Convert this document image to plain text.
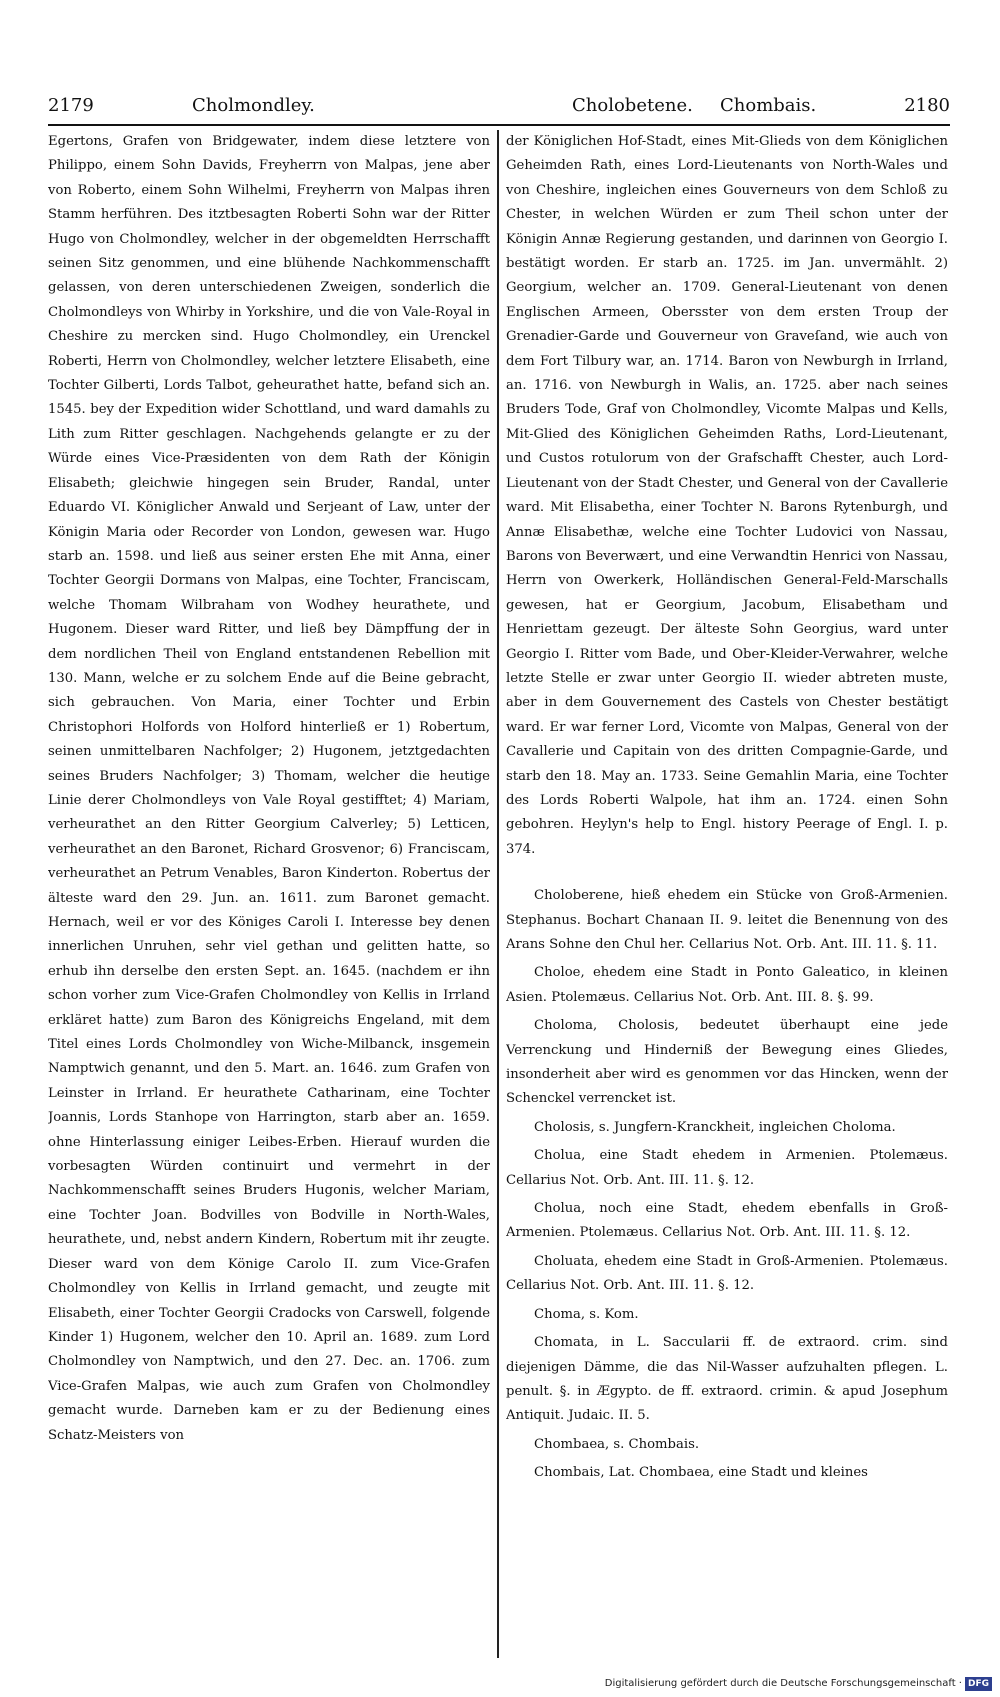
2179	Cholmondley.	Cholobetene. Chombais.	2180

Egertons, Grafen von Bridgewater, indem diese letztere von Philippo, einem Sohn Davids, Freyherrn von Malpas, jene aber von Roberto, einem Sohn Wilhelmi, Freyherrn von Malpas ihren Stamm herführen. Des itztbesagten Roberti Sohn war der Ritter Hugo von Cholmondley, welcher in der obgemeldten Herrschafft seinen Sitz genommen, und eine blühende Nachkommenschafft gelassen, von deren unterschiedenen Zweigen, sonderlich die Cholmondleys von Whirby in Yorkshire, und die von Vale-Royal in Cheshire zu mercken sind. Hugo Cholmondley, ein Urenckel Roberti, Herrn von Cholmondley, welcher letztere Elisabeth, eine Tochter Gilberti, Lords Talbot, geheurathet hatte, befand sich an. 1545. bey der Expedition wider Schottland, und ward damahls zu Lith zum Ritter geschlagen. Nachgehends gelangte er zu der Würde eines Vice-Præsidenten von dem Rath der Königin Elisabeth; gleichwie hingegen sein Bruder, Randal, unter Eduardo VI. Königlicher Anwald und Serjeant of Law, unter der Königin Maria oder Recorder von London, gewesen war. Hugo starb an. 1598. und ließ aus seiner ersten Ehe mit Anna, einer Tochter Georgii Dormans von Malpas, eine Tochter, Franciscam, welche Thomam Wilbraham von Wodhey heurathete, und Hugonem. Dieser ward Ritter, und ließ bey Dämpffung der in dem nordlichen Theil von England entstandenen Rebellion mit 130. Mann, welche er zu solchem Ende auf die Beine gebracht, sich gebrauchen. Von Maria, einer Tochter und Erbin Christophori Holfords von Holford hinterließ er 1) Robertum, seinen unmittelbaren Nachfolger; 2) Hugonem, jetztgedachten seines Bruders Nachfolger; 3) Thomam, welcher die heutige Linie derer Cholmondleys von Vale Royal gestifftet; 4) Mariam, verheurathet an den Ritter Georgium Calverley; 5) Letticen, verheurathet an den Baronet, Richard Grosvenor; 6) Franciscam, verheurathet an Petrum Venables, Baron Kinderton. Robertus der älteste ward den 29. Jun. an. 1611. zum Baronet gemacht. Hernach, weil er vor des Königes Caroli I. Interesse bey denen innerlichen Unruhen, sehr viel gethan und gelitten hatte, so erhub ihn derselbe den ersten Sept. an. 1645. (nachdem er ihn schon vorher zum Vice-Grafen Cholmondley von Kellis in Irrland erkläret hatte) zum Baron des Königreichs Engeland, mit dem Titel eines Lords Cholmondley von Wiche-Milbanck, insgemein Namptwich genannt, und den 5. Mart. an. 1646. zum Grafen von Leinster in Irrland. Er heurathete Catharinam, eine Tochter Joannis, Lords Stanhope von Harrington, starb aber an. 1659. ohne Hinterlassung einiger Leibes-Erben. Hierauf wurden die vorbesagten Würden continuirt und vermehrt in der Nachkommenschafft seines Bruders Hugonis, welcher Mariam, eine Tochter Joan. Bodvilles von Bodville in North-Wales, heurathete, und, nebst andern Kindern, Robertum mit ihr zeugte. Dieser ward von dem Könige Carolo II. zum Vice-Grafen Cholmondley von Kellis in Irrland gemacht, und zeugte mit Elisabeth, einer Tochter Georgii Cradocks von Carswell, folgende Kinder 1) Hugonem, welcher den 10. April an. 1689. zum Lord Cholmondley von Namptwich, und den 27. Dec. an. 1706. zum Vice-Grafen Malpas, wie auch zum Grafen von Cholmondley gemacht wurde. Darneben kam er zu der Bedienung eines Schatz-Meisters von

der Königlichen Hof-Stadt, eines Mit-Glieds von dem Königlichen Geheimden Rath, eines Lord-Lieutenants von North-Wales und von Cheshire, ingleichen eines Gouverneurs von dem Schloß zu Chester, in welchen Würden er zum Theil schon unter der Königin Annæ Regierung gestanden, und darinnen von Georgio I. bestätigt worden. Er starb an. 1725. im Jan. unvermählt. 2) Georgium, welcher an. 1709. General-Lieutenant von denen Englischen Armeen, Obersster von dem ersten Troup der Grenadier-Garde und Gouverneur von Graveſand, wie auch von dem Fort Tilbury war, an. 1714. Baron von Newburgh in Irrland, an. 1716. von Newburgh in Walis, an. 1725. aber nach seines Bruders Tode, Graf von Cholmondley, Vicomte Malpas und Kells, Mit-Glied des Königlichen Geheimden Raths, Lord-Lieutenant, und Custos rotulorum von der Grafschafft Chester, auch Lord-Lieutenant von der Stadt Chester, und General von der Cavallerie ward. Mit Elisabetha, einer Tochter N. Barons Rytenburgh, und Annæ Elisabethæ, welche eine Tochter Ludovici von Nassau, Barons von Beverwært, und eine Verwandtin Henrici von Nassau, Herrn von Owerkerk, Holländischen General-Feld-Marschalls gewesen, hat er Georgium, Jacobum, Elisabetham und Henriettam gezeugt. Der älteste Sohn Georgius, ward unter Georgio I. Ritter vom Bade, und Ober-Kleider-Verwahrer, welche letzte Stelle er zwar unter Georgio II. wieder abtreten muste, aber in dem Gouvernement des Castels von Chester bestätigt ward. Er war ferner Lord, Vicomte von Malpas, General von der Cavallerie und Capitain von des dritten Compagnie-Garde, und starb den 18. May an. 1733. Seine Gemahlin Maria, eine Tochter des Lords Roberti Walpole, hat ihm an. 1724. einen Sohn gebohren. Heylyn's help to Engl. history Peerage of Engl. I. p. 374.

Choloberene, hieß ehedem ein Stücke von Groß-Armenien. Stephanus. Bochart Chanaan II. 9. leitet die Benennung von des Arans Sohne den Chul her. Cellarius Not. Orb. Ant. III. 11. §. 11.

Choloe, ehedem eine Stadt in Ponto Galeatico, in kleinen Asien. Ptolemæus. Cellarius Not. Orb. Ant. III. 8. §. 99.

Choloma, Cholosis, bedeutet überhaupt eine jede Verrenckung und Hinderniß der Bewegung eines Gliedes, insonderheit aber wird es genommen vor das Hincken, wenn der Schenckel verrencket ist.

Cholosis, s. Jungfern-Kranckheit, ingleichen Choloma.

Cholua, eine Stadt ehedem in Armenien. Ptolemæus. Cellarius Not. Orb. Ant. III. 11. §. 12.

Cholua, noch eine Stadt, ehedem ebenfalls in Groß-Armenien. Ptolemæus. Cellarius Not. Orb. Ant. III. 11. §. 12.

Choluata, ehedem eine Stadt in Groß-Armenien. Ptolemæus. Cellarius Not. Orb. Ant. III. 11. §. 12.

Choma, s. Kom.

Chomata, in L. Saccularii ff. de extraord. crim. sind diejenigen Dämme, die das Nil-Wasser aufzuhalten pflegen. L. penult. §. in Ægypto. de ff. extraord. crimin. & apud Josephum Antiquit. Judaic. II. 5.

Chombaea, s. Chombais.

Chombais, Lat. Chombaea, eine Stadt und kleines

Digitalisierung gefördert durch die Deutsche Forschungsgemeinschaft · DFG
